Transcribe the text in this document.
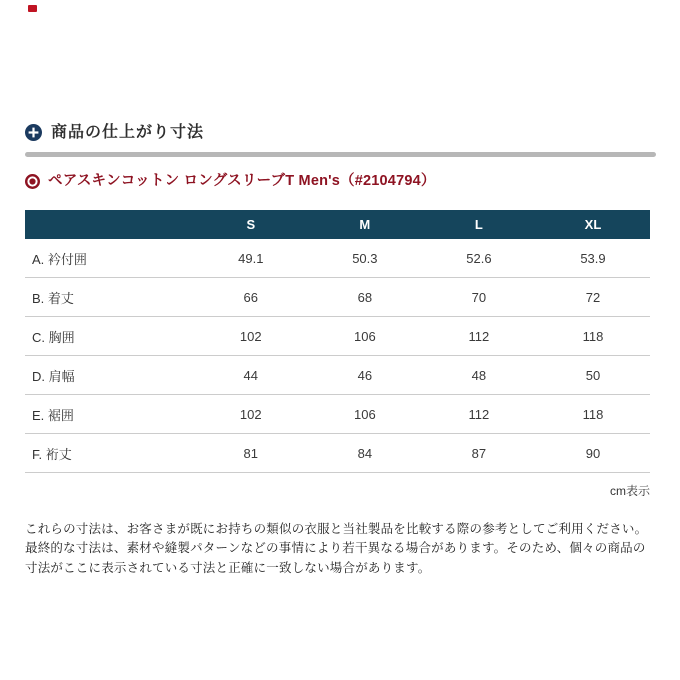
商品の仕上がり寸法
ペアスキンコットン ロングスリーブT Men's（#2104794）
	S	M	L	XL
A. 衿付囲	49.1	50.3	52.6	53.9
B. 着丈	66	68	70	72
C. 胸囲	102	106	112	118
D. 肩幅	44	46	48	50
E. 裾囲	102	106	112	118
F. 裄丈	81	84	87	90
cm表示
これらの寸法は、お客さまが既にお持ちの類似の衣服と当社製品を比較する際の参考としてご利用ください。
最終的な寸法は、素材や縫製パターンなどの事情により若干異なる場合があります。そのため、個々の商品の寸法がここに表示されている寸法と正確に一致しない場合があります。
